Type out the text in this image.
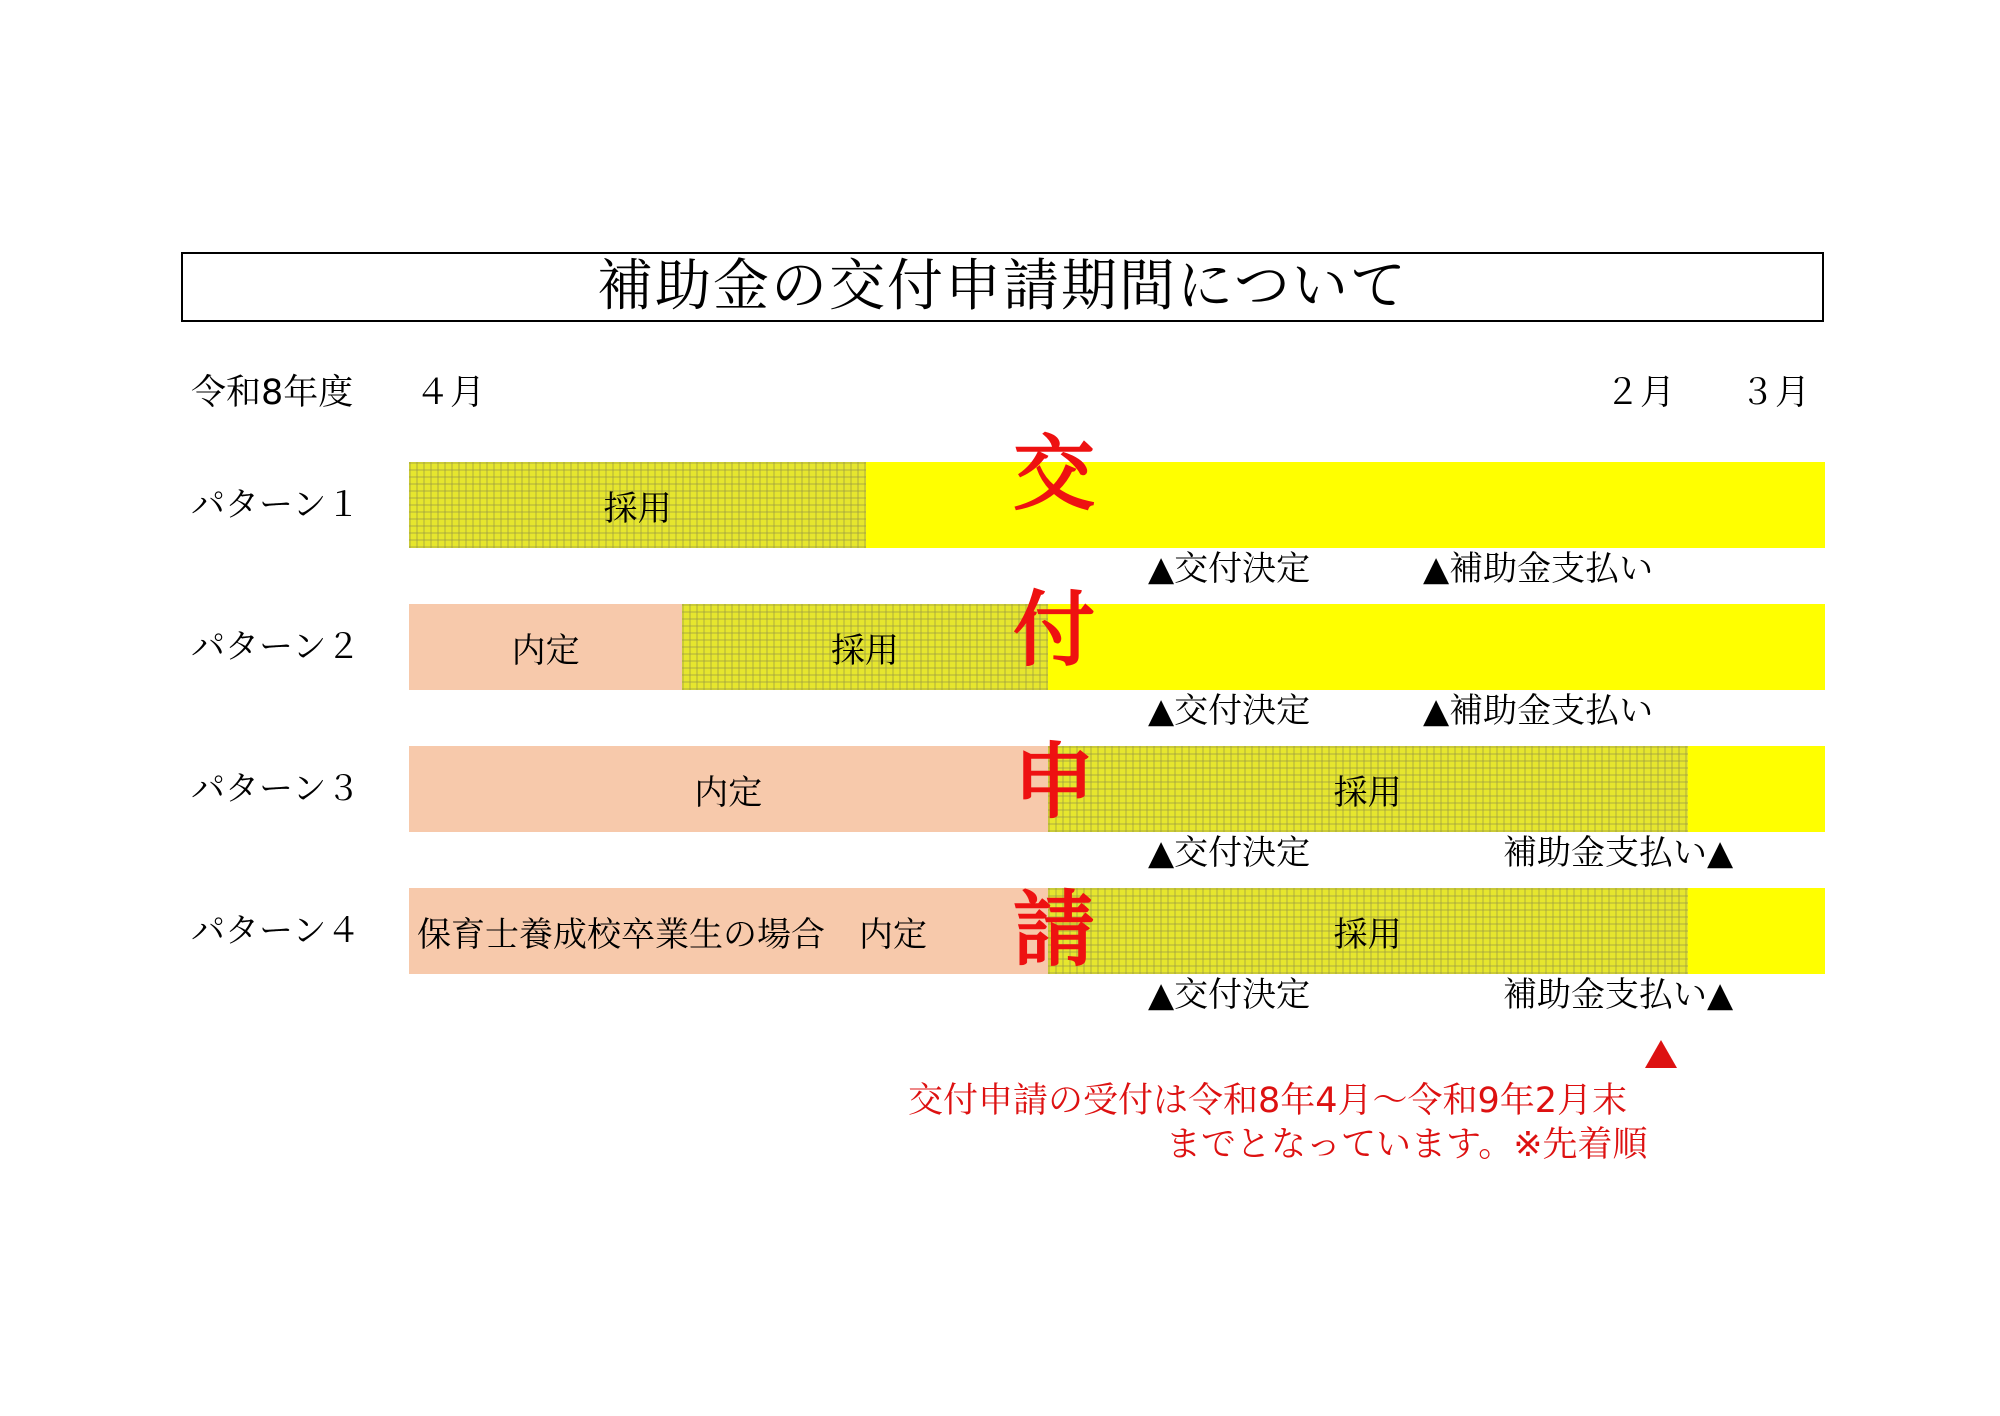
補助金の交付申請期間について
令和8年度 ４月	２月 ３月
パターン１	採用
▲交付決定	▲補助金支払い
パターン２	内定	採用
▲交付決定	▲補助金支払い
パターン３	内定	採用
▲交付決定	補助金支払い▲
パターン４ 保育士養成校卒業生の場合　内定	採用
▲交付決定	補助金支払い▲
交
付
申
請
交付申請の受付は令和8年4月～令和9年2月末
までとなっています。※先着順
